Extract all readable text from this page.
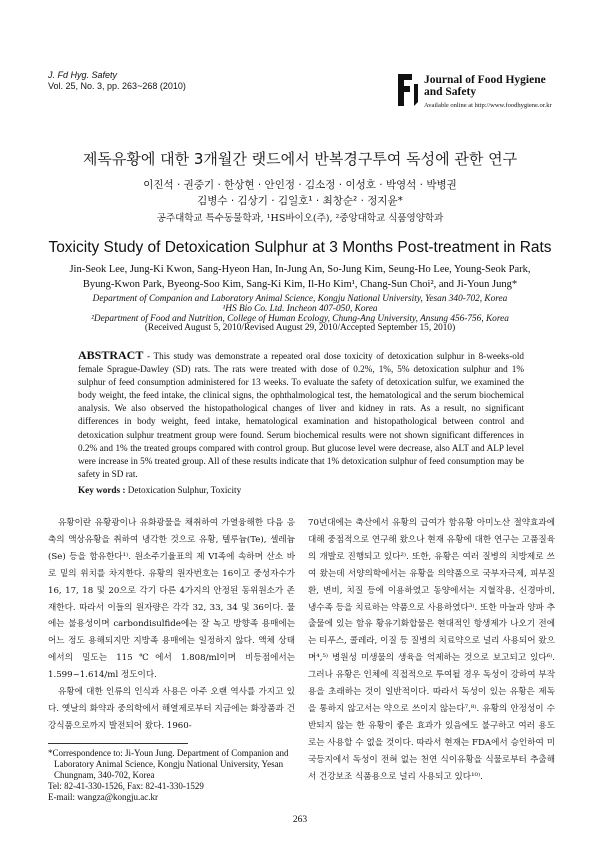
J. Fd Hyg. Safety
Vol. 25, No. 3, pp. 263~268 (2010)	Journal of Food Hygiene
and Safety
Available online at http://www.foodhygiene.or.kr
제독유황에 대한 3개월간 랫드에서 반복경구투여 독성에 관한 연구
이진석 · 권중기 · 한상현 · 안인정 · 김소정 · 이성호 · 박영석 · 박병권
김병수 · 김상기 · 김일호¹ · 최창순² · 정지윤*
공주대학교 특수동물학과, ¹HS바이오(주), ²중앙대학교 식품영양학과
Toxicity Study of Detoxication Sulphur at 3 Months Post-treatment in Rats
Jin-Seok Lee, Jung-Ki Kwon, Sang-Hyeon Han, In-Jung An, So-Jung Kim, Seung-Ho Lee, Young-Seok Park,
Byung-Kwon Park, Byeong-Soo Kim, Sang-Ki Kim, Il-Ho Kim¹, Chang-Sun Choi², and Ji-Youn Jung*
Department of Companion and Laboratory Animal Science, Kongju National University, Yesan 340-702, Korea
¹HS Bio Co. Ltd. Incheon 407-050, Korea
²Department of Food and Nutrition, College of Human Ecology, Chung-Ang University, Ansung 456-756, Korea
(Received August 5, 2010/Revised August 29, 2010/Accepted September 15, 2010)
ABSTRACT - This study was demonstrate a repeated oral dose toxicity of detoxication sulphur in 8-weeks-old female Sprague-Dawley (SD) rats. The rats were treated with dose of 0.2%, 1%, 5% detoxication sulphur and 1% sulphur of feed consumption administered for 13 weeks. To evaluate the safety of detoxication sulfur, we examined the body weight, the feed intake, the clinical signs, the ophthalmological test, the hematological and the serum biochemical analysis. We also observed the histopathological changes of liver and kidney in rats. As a result, no significant differences in body weight, feed intake, hematological examination and histopathological between control and detoxication sulphur treatment group were found. Serum biochemical results were not shown significant differences in 0.2% and 1% the treated groups compared with control group. But glucose level were decrease, also ALT and ALP level were increase in 5% treated group. All of these results indicate that 1% detoxication sulphur of feed consumption may be safety in SD rat.
Key words : Detoxication Sulphur, Toxicity

유황이란 유황광이나 유화광물을 채취하여 가열융해한 다음 응축의 액상유황을 취하여 냉각한 것으로 유황, 텔루늄(Te), 셀레늄(Se) 등을 함유한다¹⁾. 원소주기율표의 제 VI족에 속하며 산소 바로 밑의 위치를 차지한다. 유황의 원자번호는 16이고 중성자수가 16, 17, 18 및 20으로 각기 다른 4가지의 안정된 동위원소가 존재한다. 따라서 이들의 원자량은 각각 32, 33, 34 및 36이다. 물에는 불용성이며 carbondisulfide에는 잘 녹고 방향족 용매에는 어느 정도 용해되지만 지방족 용매에는 일정하지 않다. 액체 상태에서의 밀도는 115℃에서 1.808/ml이며 비등점에서는 1.599~1.614/ml 정도이다.

유황에 대한 인류의 인식과 사용은 아주 오랜 역사를 가지고 있다. 옛날의 화약과 중의학에서 해열제로부터 지금에는 화장품과 건강식품으로까지 발전되어 왔다. 1960-

70년대에는 축산에서 유황의 급여가 함유황 아미노산 절약효과에 대해 중점적으로 연구해 왔으나 현재 유황에 대한 연구는 고품질육의 개발로 진행되고 있다²⁾. 또한, 유황은 여러 질병의 치방제로 쓰여 왔는데 서양의학에서는 유황을 의약품으로 국부자극제, 피부질환, 변비, 치질 등에 이용하였고 동양에서는 지혈작용, 신경마비, 냉수족 등을 치료하는 약품으로 사용하였다³⁾. 또한 마늘과 양파 추출물에 있는 함유 황유기화합물은 현대적인 항생제가 나오기 전에는 티푸스, 콜레라, 이질 등 질병의 치료약으로 널리 사용되어 왔으며⁴,⁵⁾ 병원성 미생물의 생육을 억제하는 것으로 보고되고 있다⁶⁾. 그러나 유황은 인체에 직접적으로 투여될 경우 독성이 강하여 부작용을 초래하는 것이 일반적이다. 따라서 독성이 있는 유황은 제독을 통하지 않고서는 약으로 쓰이지 않는다⁷,⁸⁾. 유황의 안정성이 수반되지 않는 한 유황이 좋은 효과가 있음에도 불구하고 여러 용도로는 사용할 수 없을 것이다. 따라서 현재는 FDA에서 승인하여 미국등지에서 독성이 전혀 없는 천연 식이유황을 식물로부터 추출해서 건강보조 식품용으로 널리 사용되고 있다¹⁰⁾.

*Correspondence to: Ji-Youn Jung. Department of Companion and
Laboratory Animal Science, Kongju National University, Yesan
Chungnam, 340-702, Korea
Tel: 82-41-330-1526, Fax: 82-41-330-1529
E-mail: wangza@kongju.ac.kr
263
